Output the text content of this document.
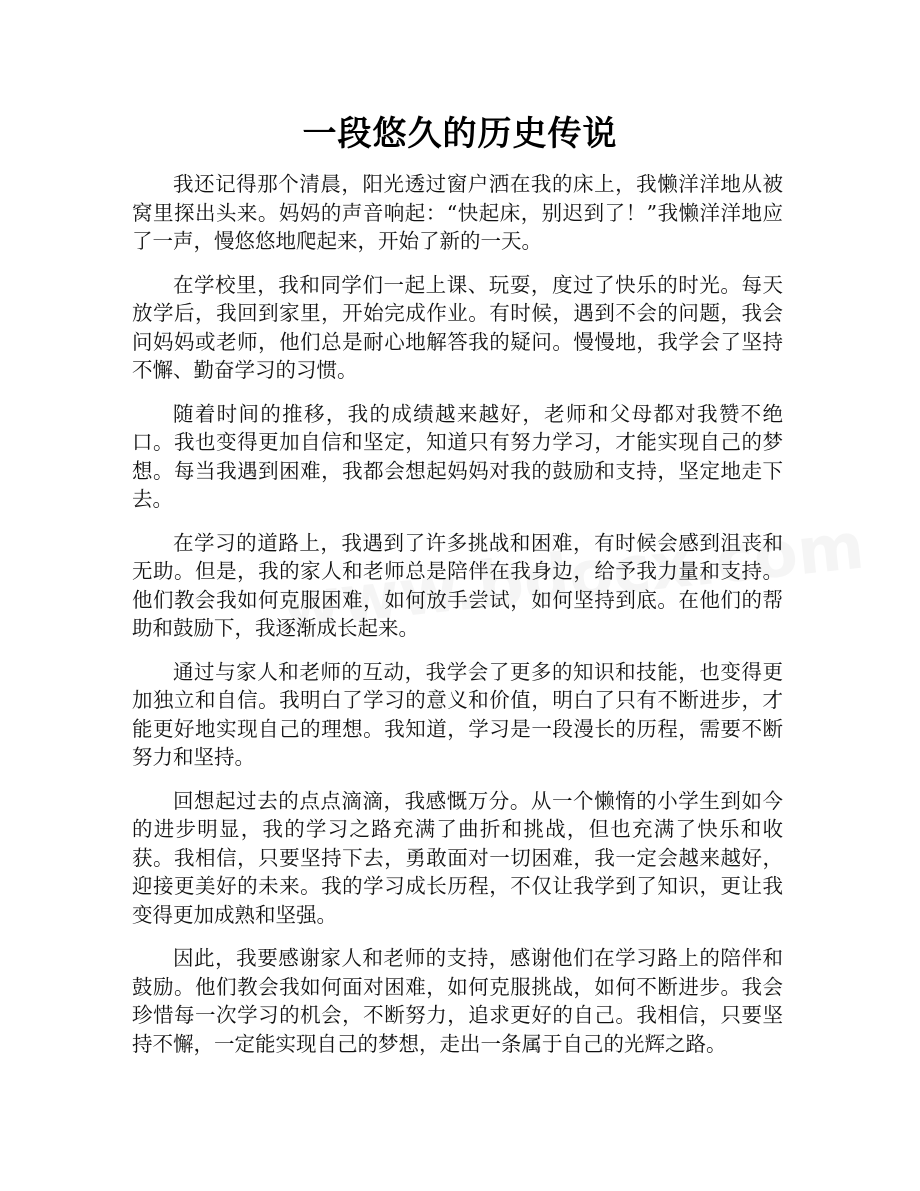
一段悠久的历史传说

我还记得那个清晨，阳光透过窗户洒在我的床上，我懒洋洋地从被窝里探出头来。妈妈的声音响起：“快起床，别迟到了！”我懒洋洋地应了一声，慢悠悠地爬起来，开始了新的一天。

在学校里，我和同学们一起上课、玩耍，度过了快乐的时光。每天放学后，我回到家里，开始完成作业。有时候，遇到不会的问题，我会问妈妈或老师，他们总是耐心地解答我的疑问。慢慢地，我学会了坚持不懈、勤奋学习的习惯。

随着时间的推移，我的成绩越来越好，老师和父母都对我赞不绝口。我也变得更加自信和坚定，知道只有努力学习，才能实现自己的梦想。每当我遇到困难，我都会想起妈妈对我的鼓励和支持，坚定地走下去。

在学习的道路上，我遇到了许多挑战和困难，有时候会感到沮丧和无助。但是，我的家人和老师总是陪伴在我身边，给予我力量和支持。他们教会我如何克服困难，如何放手尝试，如何坚持到底。在他们的帮助和鼓励下，我逐渐成长起来。

通过与家人和老师的互动，我学会了更多的知识和技能，也变得更加独立和自信。我明白了学习的意义和价值，明白了只有不断进步，才能更好地实现自己的理想。我知道，学习是一段漫长的历程，需要不断努力和坚持。

回想起过去的点点滴滴，我感慨万分。从一个懒惰的小学生到如今的进步明显，我的学习之路充满了曲折和挑战，但也充满了快乐和收获。我相信，只要坚持下去，勇敢面对一切困难，我一定会越来越好，迎接更美好的未来。我的学习成长历程，不仅让我学到了知识，更让我变得更加成熟和坚强。

因此，我要感谢家人和老师的支持，感谢他们在学习路上的陪伴和鼓励。他们教会我如何面对困难，如何克服挑战，如何不断进步。我会珍惜每一次学习的机会，不断努力，追求更好的自己。我相信，只要坚持不懈，一定能实现自己的梦想，走出一条属于自己的光辉之路。
